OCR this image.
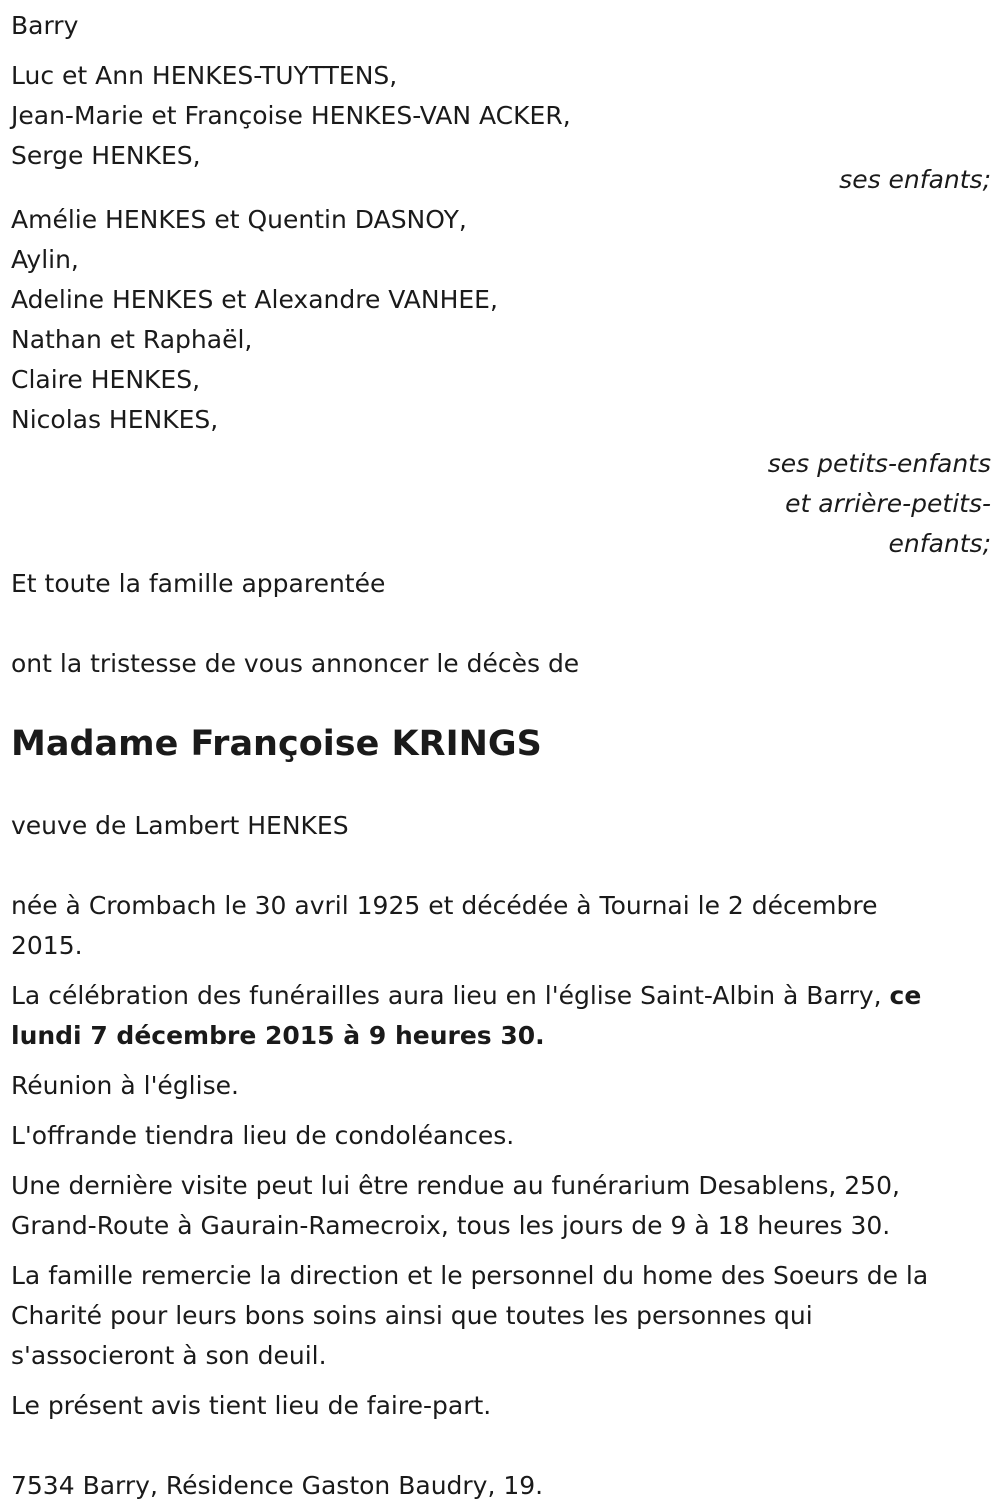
Barry
Luc et Ann HENKES-TUYTTENS,
Jean-Marie et Françoise HENKES-VAN ACKER,
Serge HENKES,
ses enfants;
Amélie HENKES et Quentin DASNOY,
Aylin,
Adeline HENKES et Alexandre VANHEE,
Nathan et Raphaël,
Claire HENKES,
Nicolas HENKES,
ses petits-enfants
et arrière-petits-
enfants;
Et toute la famille apparentée
ont la tristesse de vous annoncer le décès de
Madame Françoise KRINGS
veuve de Lambert HENKES
née à Crombach le 30 avril 1925 et décédée à Tournai le 2 décembre
2015.
La célébration des funérailles aura lieu en l'église Saint-Albin à Barry, ce
lundi 7 décembre 2015 à 9 heures 30.
Réunion à l'église.
L'offrande tiendra lieu de condoléances.
Une dernière visite peut lui être rendue au funérarium Desablens, 250,
Grand-Route à Gaurain-Ramecroix, tous les jours de 9 à 18 heures 30.
La famille remercie la direction et le personnel du home des Soeurs de la
Charité pour leurs bons soins ainsi que toutes les personnes qui
s'associeront à son deuil.
Le présent avis tient lieu de faire-part.
7534 Barry, Résidence Gaston Baudry, 19.
